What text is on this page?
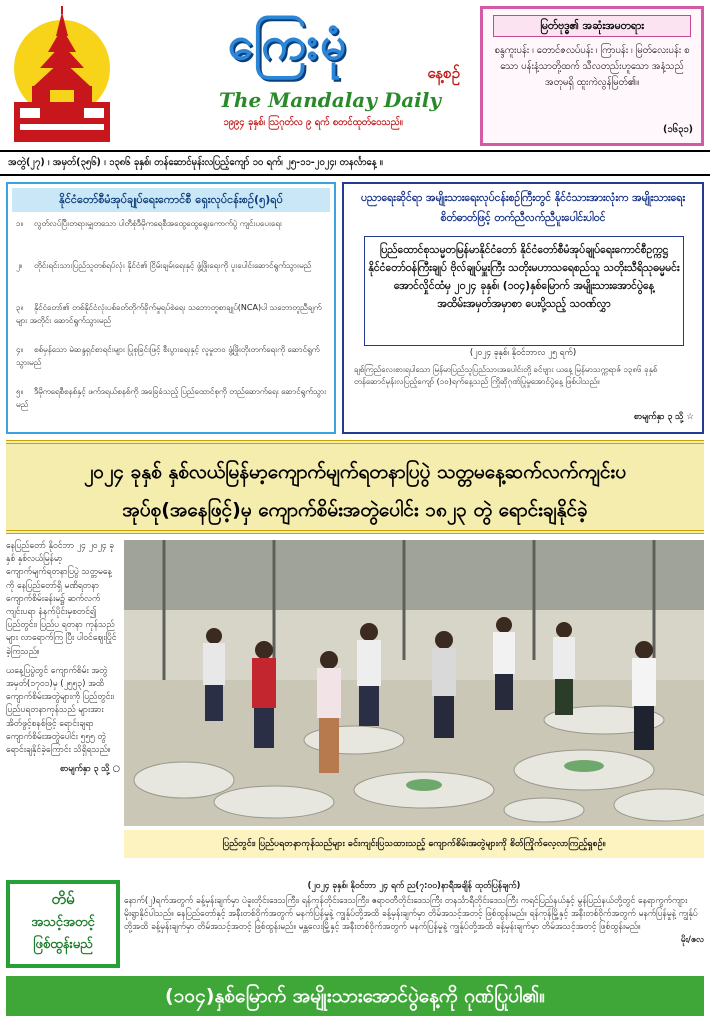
ကြေးမုံ
နေ့စဉ်
The Mandalay Daily
၁၉၉၄ ခုနှစ်၊ ဩဂုတ်လ ၉ ရက် စတင်ထုတ်ဝေသည်။
မြတ်ဗုဒ္ဓ၏ အဆုံးအမတရား
စန္ဒကူးပန်း ၊ တောင်ဇလပ်ပန်း ၊ ကြာပန်း ၊ မြတ်လေးပန်း စသော ပန်းနံ့သာတို့ထက် သီလတည်းဟူသော အနံ့သည် အတုမရှိ ထူးကဲလွန်မြတ်၏။
(၁၆၃၁)
အတွဲ(၂၇) ၊ အမှတ်(၃၅၆) ၊ ၁၃၈၆ ခုနှစ်၊ တန်ဆောင်မုန်းလပြည့်ကျော် ၁၀ ရက်၊ ၂၅-၁၁-၂၀၂၄၊ တနင်္လာနေ့ ။
နိုင်ငံတော်စီမံအုပ်ချုပ်ရေးကောင်စီ ရှေးလုပ်ငန်းစဉ်(၅)ရပ်
၁။ လွတ်လပ်ပြီးတရားမျှတသော ပါတီစုံဒီမိုကရေစီအထွေထွေရွေးကောက်ပွဲ ကျင်းပပေးရေး
၂။ တိုင်းရင်းသားပြည်သူတစ်ရပ်လုံး နိုင်ငံ၏ ငြိမ်းချမ်းရေးနှင့် ဖွံ့ဖြိုးရေးကို ပူးပေါင်းဆောင်ရွက်သွားမည်
၃။ နိုင်ငံတော်၏ တစ်နိုင်ငံလုံးပစ်ခတ်တိုက်ခိုက်မှုရပ်စဲရေး သဘောတူစာချုပ်(NCA)ပါ သဘောတူညီချက်များ အတိုင်း ဆောင်ရွက်သွားမည်
၄။ စစ်မှန်သော မဲဆန္ဒရှင်စာရင်းများ ပြုစုခြင်းဖြင့် စီးပွားရေးနှင့် လူမှုဘဝ ဖွံ့ဖြိုးတိုးတက်ရေးကို ဆောင်ရွက်သွားမည်
၅။ ဒီမိုကရေစီစနစ်နှင့် ဖက်ဒရယ်စနစ်ကို အခြေခံသည့် ပြည်ထောင်စုကို တည်ဆောက်ရေး ဆောင်ရွက်သွားမည်
ပညာရေးဆိုင်ရာ အမျိုးသားရေးလုပ်ငန်းစဉ်ကြီးတွင် နိုင်ငံသားအားလုံးက အမျိုးသားရေးစိတ်ဓာတ်ဖြင့် တက်ညီလက်ညီပူးပေါင်းပါဝင်
ပြည်ထောင်စုသမ္မတမြန်မာနိုင်ငံတော် နိုင်ငံတော်စီမံအုပ်ချုပ်ရေးကောင်စီဥက္ကဋ္ဌ နိုင်ငံတော်ဝန်ကြီးချုပ် ဗိုလ်ချုပ်မှူးကြီး သတိုးမဟာသရေစည်သူ သတိုးသီရိသုဓမ္မမင်းအောင်လှိုင်ထံမှ ၂၀၂၄ ခုနှစ်၊ (၁၀၄)နှစ်မြောက် အမျိုးသားအောင်ပွဲနေ့ အထိမ်းအမှတ်အမှာစာ ပေးပို့သည့် သဝဏ်လွှာ
(၂၀၂၄ ခုနှစ်၊ နိုဝင်ဘာလ ၂၅ ရက်)
ချစ်ကြည်လေးစားရပါသော မြန်မာပြည်သူပြည်သားအပေါင်းတို့ ခင်ဗျား ယနေ့ မြန်မာသက္ကရာဇ် ၁၃၈၆ ခုနှစ် တန်ဆောင်မုန်းလပြည့်ကျော် (၁၀)ရက်နေ့သည် ကြိုဆိုဂုဏ်ပြုမှုအောင်ပွဲနေ့ ဖြစ်ပါသည်။
စာမျက်နှာ ၃ သို့ ☆
၂၀၂၄ ခုနှစ် နှစ်လယ်မြန်မာ့ကျောက်မျက်ရတနာပြပွဲ သတ္တမနေ့ဆက်လက်ကျင်းပ
အုပ်စု(အနေဖြင့်)မှ ကျောက်စိမ်းအတွဲပေါင်း ၁၈၂၃ တွဲ ရောင်းချနိုင်ခဲ့

နေပြည်တော် နိုဝင်ဘာ ၂၄ ၂၀၂၄ ခုနှစ် နှစ်လယ်မြန်မာ့ကျောက်မျက်ရတနာပြပွဲ သတ္တမနေ့ကို နေပြည်တော်ရှိ မဏိရတနာကျောက်စိမ်းခန်းမ၌ ဆက်လက်ကျင်းပရာ နံနက်ပိုင်းမှစတင်၍ ပြည်တွင်း၊ ပြည်ပ ရတနာ ကုန်သည်များ လာရောက်ကြ ပြီး ပါဝင်ဈေးပြိုင်ခဲ့ကြသည်။

ယနေ့ပြပွဲတွင် ကျောက်စိမ်း အတွဲအမှတ်(၁၇၀၁)မှ (၂၅၅၃) အထိ ကျောက်စိမ်းအတွဲများကို ပြည်တွင်း၊ ပြည်ပရတနာကုန်သည် များအား အိတ်ဖွင့်စနစ်ဖြင့် ရောင်းချရာ ကျောက်စိမ်းအတွဲပေါင်း ၅၅၅ တွဲ ရောင်းချနိုင်ခဲ့ကြောင်း သိရှိရသည်။

စာမျက်နှာ ၃ သို့ ○

ပြည်တွင်း၊ ပြည်ပရတနာကုန်သည်များ ခင်းကျင်းပြသထားသည့် ကျောက်စိမ်းအတွဲများကို စိတ်ကြိုက်လေ့လာကြည့်ရှုစဉ်။
တိမ်
အသင့်အတင့်
ဖြစ်ထွန်းမည်
(၂၀၂၄ ခုနှစ်၊ နိုဝင်ဘာ ၂၄ ရက် ည(၇:၀၀)နာရီအချိန် ထုတ်ပြန်ချက်)
နောက်(၂)ရက်အတွက် ခန့်မှန်းချက်မှာ ပဲခူးတိုင်းဒေသကြီး၊ ရန်ကုန်တိုင်းဒေသကြီး၊ ဧရာဝတီတိုင်းဒေသကြီး တနင်္သာရီတိုင်းဒေသကြီး ကရင်ပြည်နယ်နှင့် မွန်ပြည်နယ်တို့တွင် နေရာကွက်ကျား မိုးရွာနိုင်ပါသည်။ နေပြည်တော်နှင့် အနီးတစ်ဝိုက်အတွက် မနက်ပြန်မှုနဲ့ ကျွန်ုပ်တို့အထိ ခန့်မှန်းချက်မှာ တိမ်အသင့်အတင့် ဖြစ်ထွန်းမည်။ ရန်ကုန်မြို့နှင့် အနီးတစ်ဝိုက်အတွက် မနက်ပြန်မှုနဲ့ ကျွန်ုပ်တို့အထိ ခန့်မှန်းချက်မှာ တိမ်အသင့်အတင့် ဖြစ်ထွန်းမည်။ မန္တလေးမြို့နှင့် အနီးတစ်ဝိုက်အတွက် မနက်ပြန်မှုနဲ့ ကျွန်ုပ်တို့အထိ ခန့်မှန်းချက်မှာ တိမ်အသင့်အတင့် ဖြစ်ထွန်းမည်။
မိုး/ဇလ
(၁၀၄)နှစ်မြောက် အမျိုးသားအောင်ပွဲနေ့ကို ဂုဏ်ပြုပါ၏။
